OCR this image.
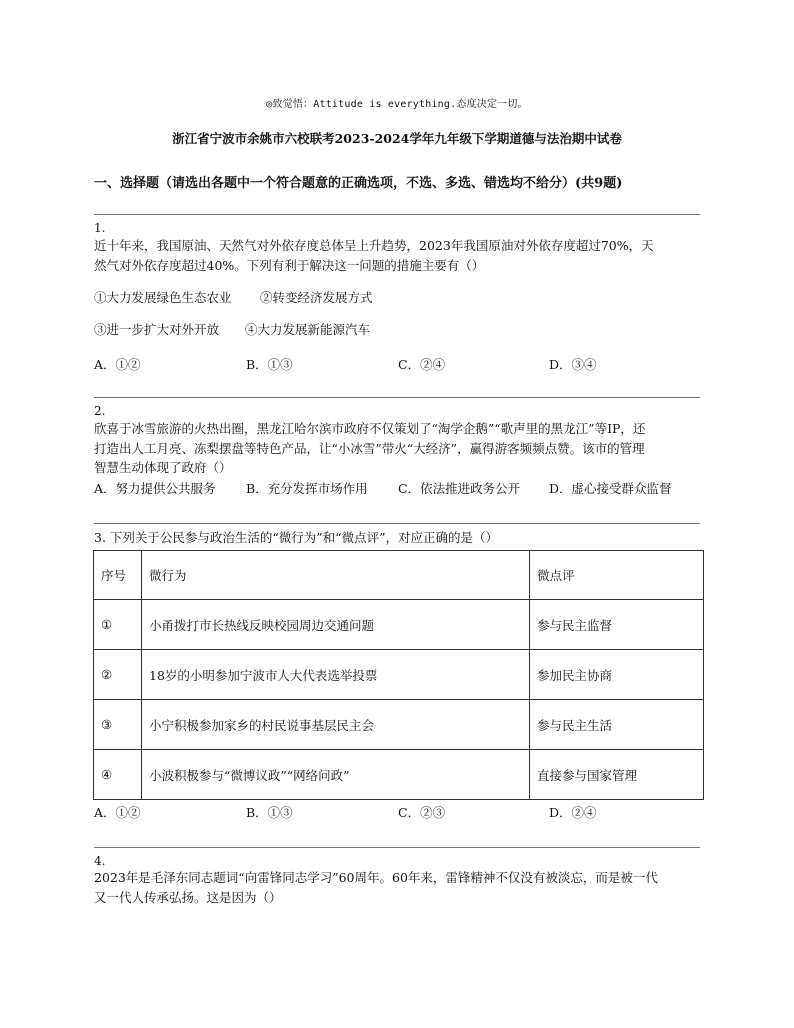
◎致觉悟：Attitude is everything.态度决定一切。
浙江省宁波市余姚市六校联考2023-2024学年九年级下学期道德与法治期中试卷
一、选择题（请选出各题中一个符合题意的正确选项，不选、多选、错选均不给分）(共9题)
1.
近十年来，我国原油、天然气对外依存度总体呈上升趋势，2023年我国原油对外依存度超过70%，天
然气对外依存度超过40%。下列有利于解决这一问题的措施主要有（）
①大力发展绿色生态农业 ②转变经济发展方式
③进一步扩大对外开放 ④大力发展新能源汽车
A．①②	B．①③	C．②④	D．③④
2.
欣喜于冰雪旅游的火热出圈，黑龙江哈尔滨市政府不仅策划了“淘学企鹅”“歌声里的黑龙江”等IP，还
打造出人工月亮、冻梨摆盘等特色产品，让“小冰雪”带火“大经济”，赢得游客频频点赞。该市的管理
智慧生动体现了政府（）
A．努力提供公共服务 B．充分发挥市场作用 C．依法推进政务公开 D．虚心接受群众监督
3. 下列关于公民参与政治生活的“微行为”和“微点评”，对应正确的是（）
序号	微行为	微点评
①	小甬拨打市长热线反映校园周边交通问题	参与民主监督
②	18岁的小明参加宁波市人大代表选举投票	参加民主协商
③	小宁积极参加家乡的村民说事基层民主会	参与民主生活
④	小波积极参与“微博议政”“网络问政”	直接参与国家管理
A．①②	B．①③	C．②③	D．②④
4.
2023年是毛泽东同志题词“向雷锋同志学习”60周年。60年来，雷锋精神不仅没有被淡忘，而是被一代
又一代人传承弘扬。这是因为（）
